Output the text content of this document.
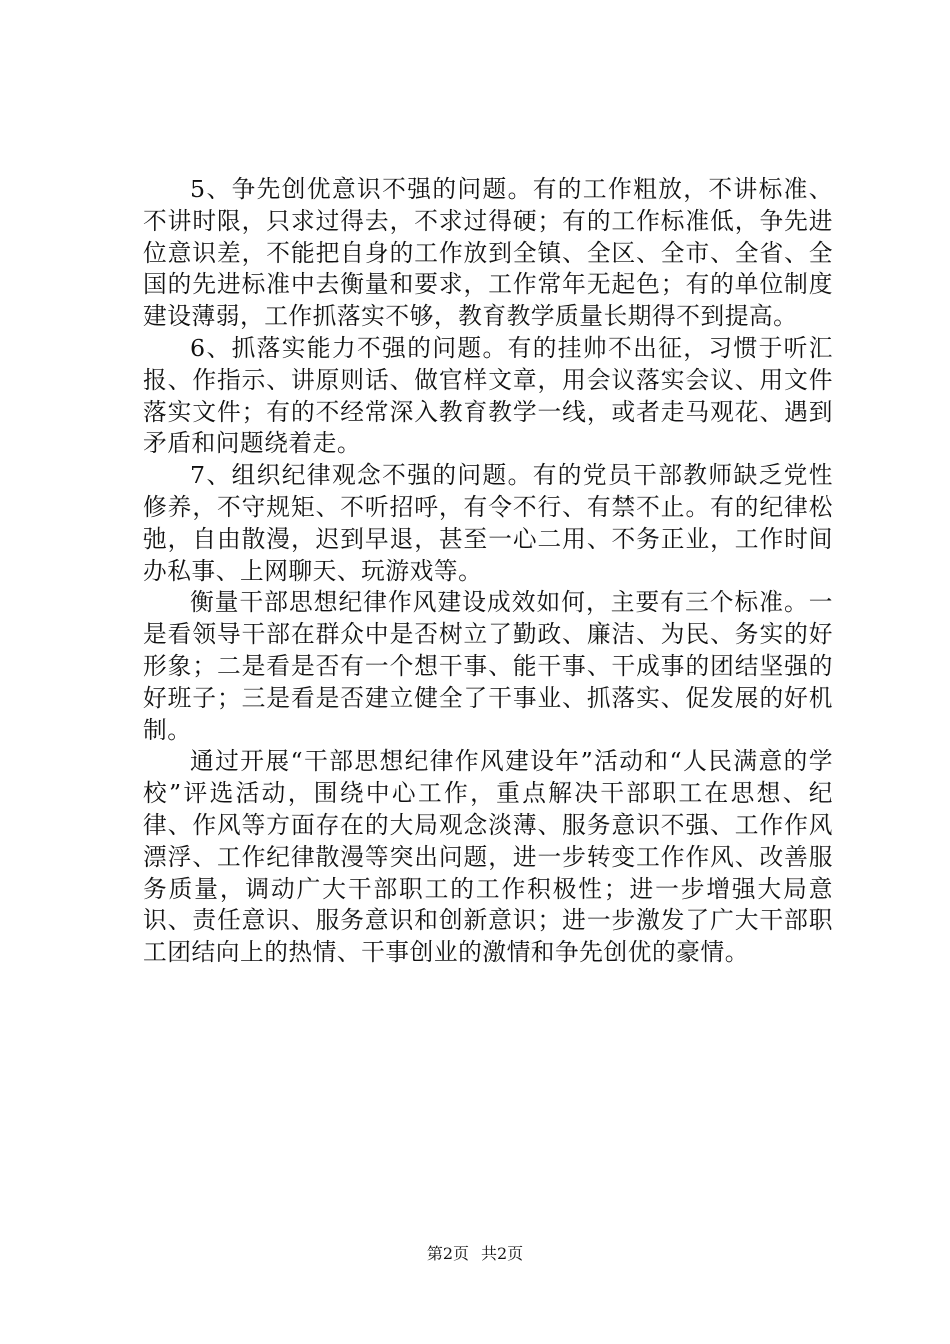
5、争先创优意识不强的问题。有的工作粗放，不讲标准、不讲时限，只求过得去，不求过得硬；有的工作标准低，争先进位意识差，不能把自身的工作放到全镇、全区、全市、全省、全国的先进标准中去衡量和要求，工作常年无起色；有的单位制度建设薄弱，工作抓落实不够，教育教学质量长期得不到提高。

6、抓落实能力不强的问题。有的挂帅不出征，习惯于听汇报、作指示、讲原则话、做官样文章，用会议落实会议、用文件落实文件；有的不经常深入教育教学一线，或者走马观花、遇到矛盾和问题绕着走。

7、组织纪律观念不强的问题。有的党员干部教师缺乏党性修养，不守规矩、不听招呼，有令不行、有禁不止。有的纪律松弛，自由散漫，迟到早退，甚至一心二用、不务正业，工作时间办私事、上网聊天、玩游戏等。

衡量干部思想纪律作风建设成效如何，主要有三个标准。一是看领导干部在群众中是否树立了勤政、廉洁、为民、务实的好形象；二是看是否有一个想干事、能干事、干成事的团结坚强的好班子；三是看是否建立健全了干事业、抓落实、促发展的好机制。

通过开展“干部思想纪律作风建设年”活动和“人民满意的学校”评选活动，围绕中心工作，重点解决干部职工在思想、纪律、作风等方面存在的大局观念淡薄、服务意识不强、工作作风漂浮、工作纪律散漫等突出问题，进一步转变工作作风、改善服务质量，调动广大干部职工的工作积极性；进一步增强大局意识、责任意识、服务意识和创新意识；进一步激发了广大干部职工团结向上的热情、干事创业的激情和争先创优的豪情。

第2页 共2页
